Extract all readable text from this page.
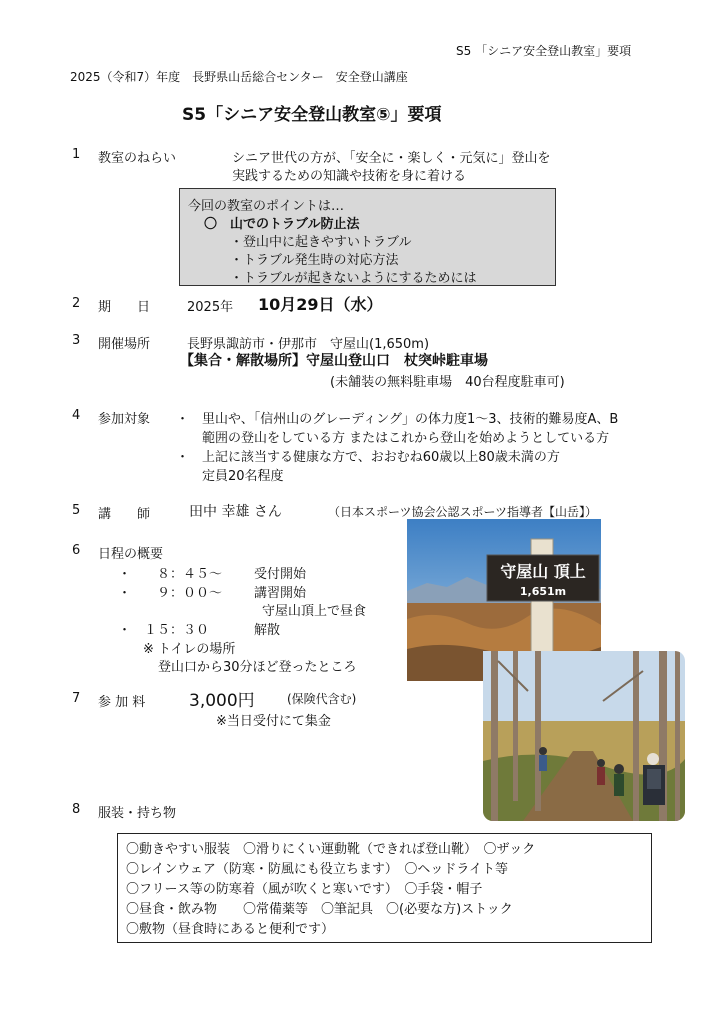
S5 「シニア安全登山教室」要項
2025（令和7）年度　長野県山岳総合センター　安全登山講座
S5「シニア安全登山教室⑤」要項
1 教室のねらい	シニア世代の方が、「安全に・楽しく・元気に」登山を
実践するための知識や技術を身に着ける
今回の教室のポイントは…
〇　山でのトラブル防止法
・登山中に起きやすいトラブル
・トラブル発生時の対応方法
・トラブルが起きないようにするためには
2 期　　日	2025年 10月29日（水）
3 開催場所	長野県諏訪市・伊那市　守屋山(1,650m)
【集合・解散場所】守屋山登山口　杖突峠駐車場
(未舗装の無料駐車場　40台程度駐車可)
4 参加対象 ・　里山や、「信州山のグレーディング」の体力度1～3、技術的難易度A、B
範囲の登山をしている方 またはこれから登山を始めようとしている方
・　上記に該当する健康な方で、おおむね60歳以上80歳未満の方
定員20名程度
5 講　　師	田中 幸雄 さん	（日本スポーツ協会公認スポーツ指導者【山岳】）
6 日程の概要
・　　８：４５～ 受付開始
・　　９：００～ 講習開始
守屋山頂上で昼食
・　１５：３０	解散
※ トイレの場所
登山口から30分ほど登ったところ
7 参 加 料	3,000円	(保険代含む)
※当日受付にて集金
8 服装・持ち物
〇動きやすい服装　〇滑りにくい運動靴（できれば登山靴）　〇ザック
〇レインウェア（防寒・防風にも役立ちます）　〇ヘッドライト等
〇フリース等の防寒着（風が吹くと寒いです）　〇手袋・帽子
〇昼食・飲み物　　〇常備薬等　〇筆記具　〇(必要な方)ストック
〇敷物（昼食時にあると便利です）
守屋山 頂上
1,651m
